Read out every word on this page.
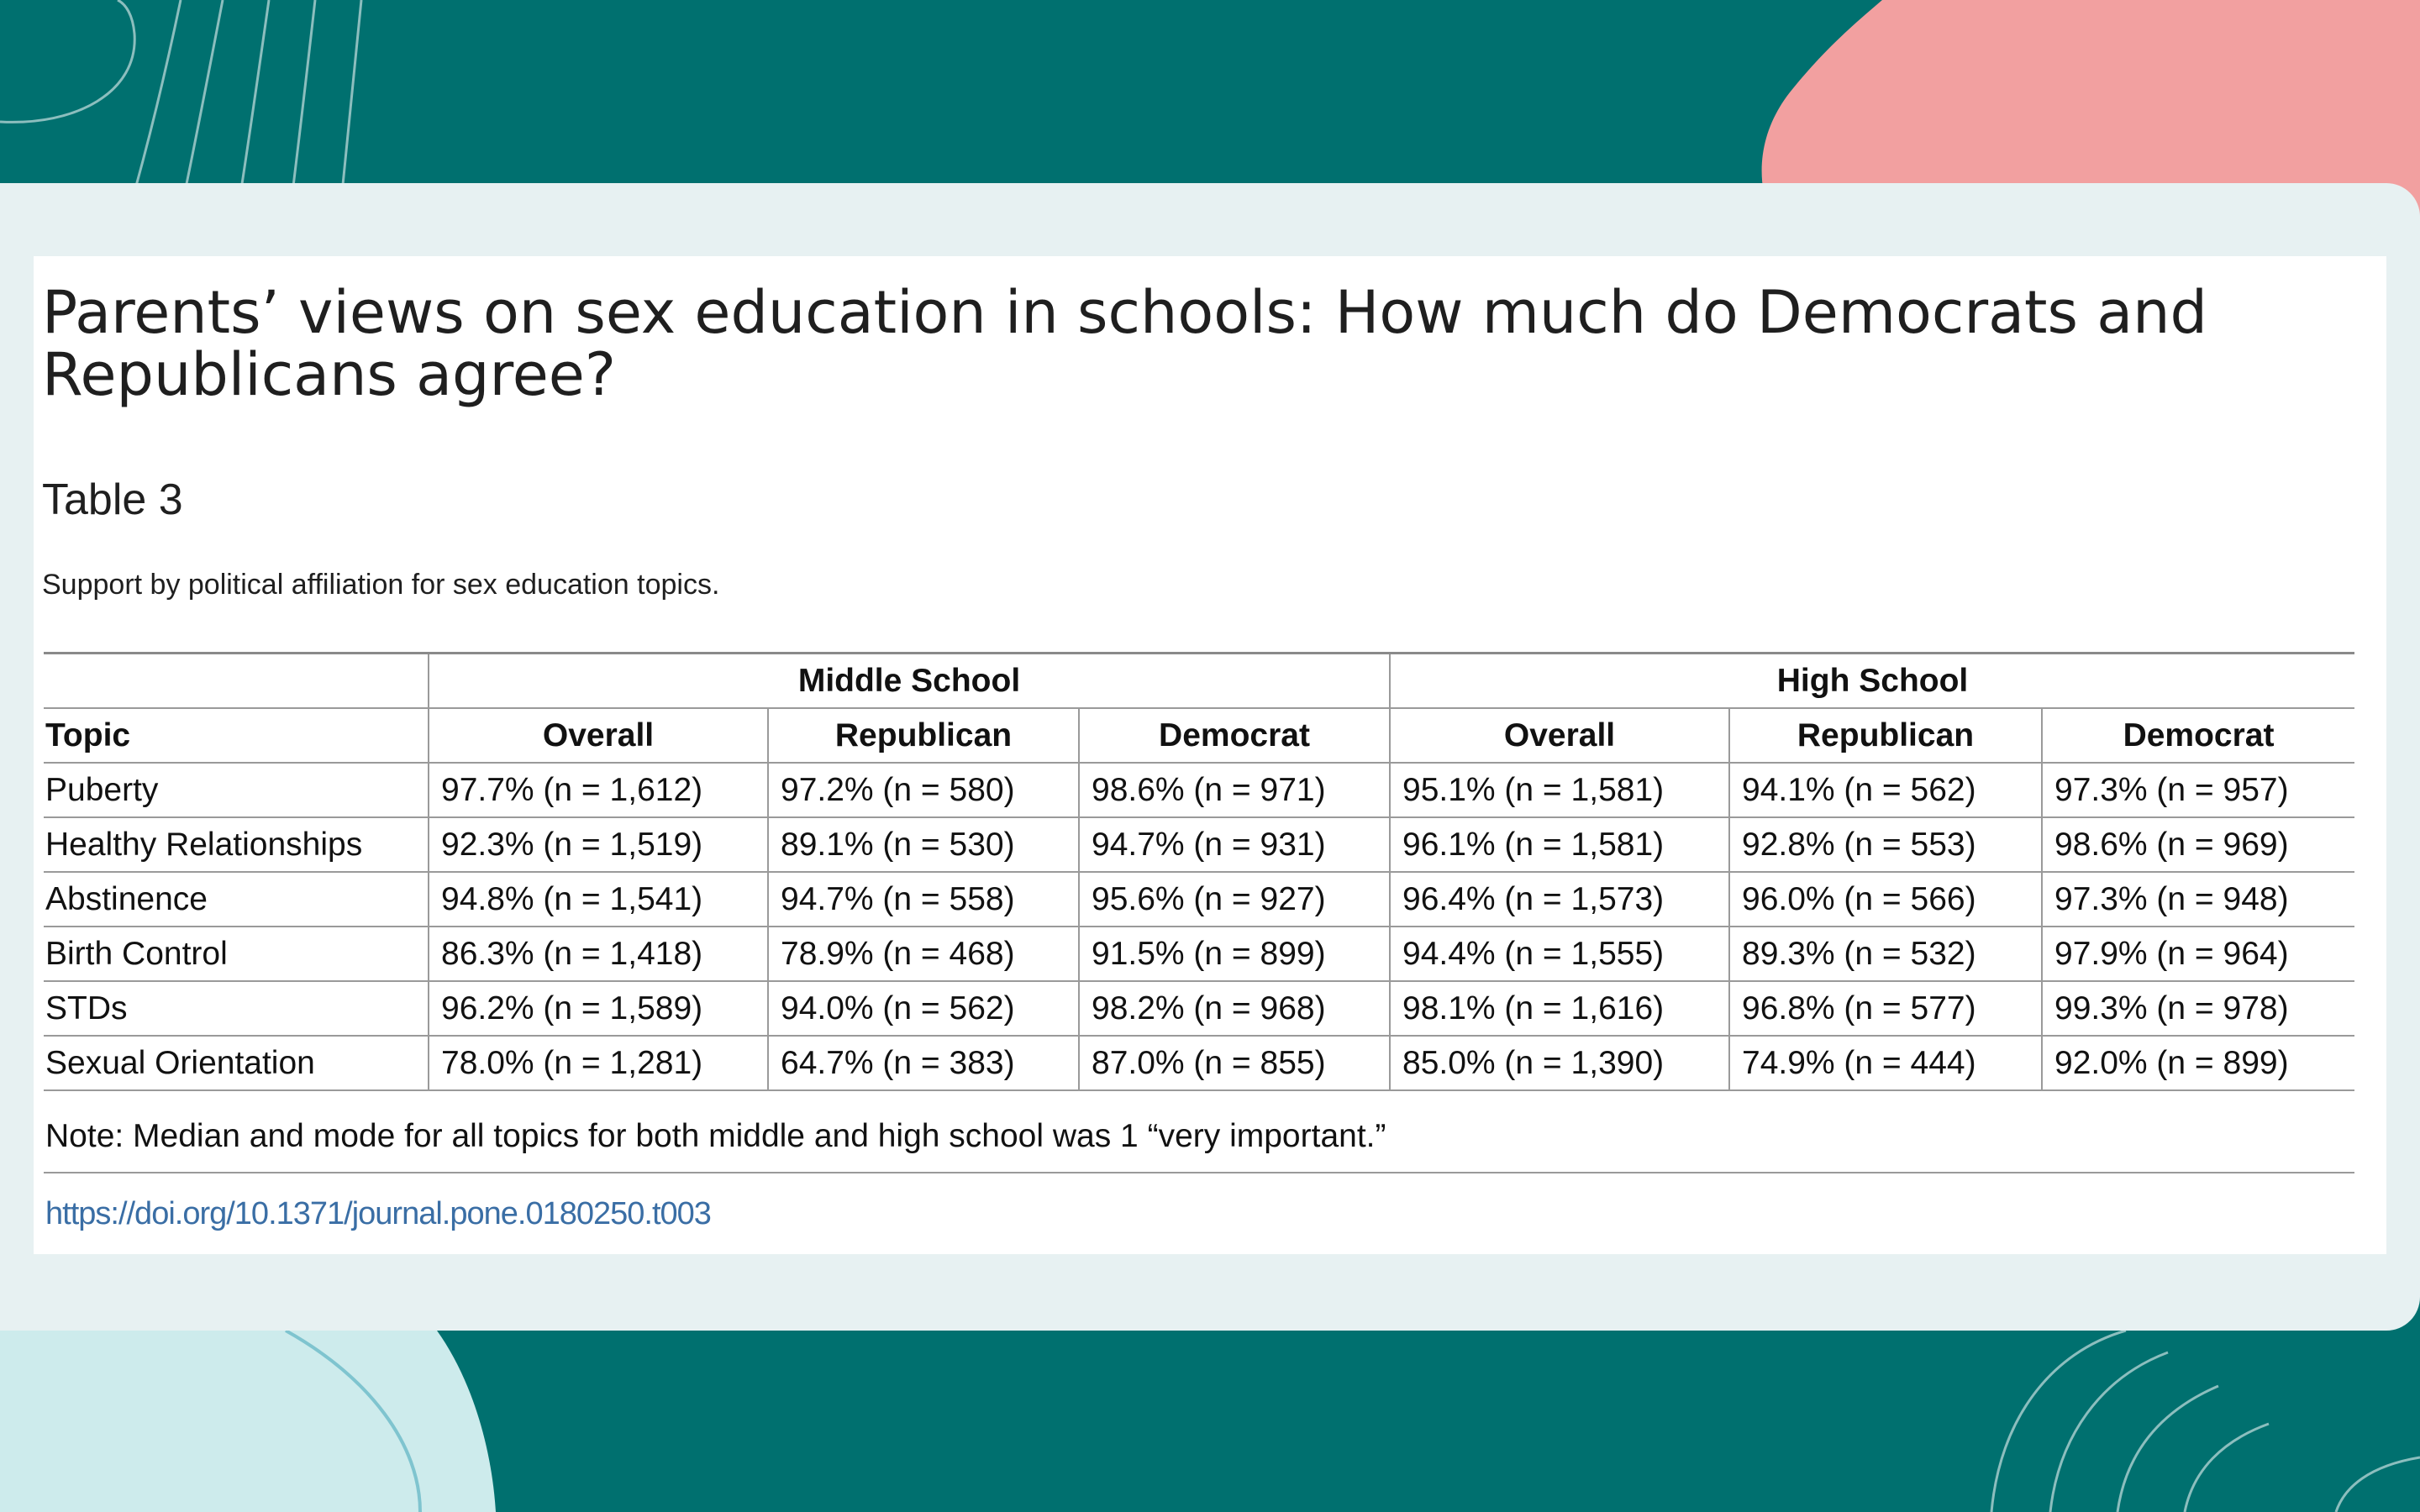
Parents’ views on sex education in schools: How much do Democrats and Republicans agree?
Table 3

Support by political affiliation for sex education topics.

	Middle School			High School		
Topic	Overall	Republican	Democrat	Overall	Republican	Democrat
Puberty	97.7% (n = 1,612)	97.2% (n = 580)	98.6% (n = 971)	95.1% (n = 1,581)	94.1% (n = 562)	97.3% (n = 957)
Healthy Relationships	92.3% (n = 1,519)	89.1% (n = 530)	94.7% (n = 931)	96.1% (n = 1,581)	92.8% (n = 553)	98.6% (n = 969)
Abstinence	94.8% (n = 1,541)	94.7% (n = 558)	95.6% (n = 927)	96.4% (n = 1,573)	96.0% (n = 566)	97.3% (n = 948)
Birth Control	86.3% (n = 1,418)	78.9% (n = 468)	91.5% (n = 899)	94.4% (n = 1,555)	89.3% (n = 532)	97.9% (n = 964)
STDs	96.2% (n = 1,589)	94.0% (n = 562)	98.2% (n = 968)	98.1% (n = 1,616)	96.8% (n = 577)	99.3% (n = 978)
Sexual Orientation	78.0% (n = 1,281)	64.7% (n = 383)	87.0% (n = 855)	85.0% (n = 1,390)	74.9% (n = 444)	92.0% (n = 899)

Note: Median and mode for all topics for both middle and high school was 1 “very important.”

https://doi.org/10.1371/journal.pone.0180250.t003
